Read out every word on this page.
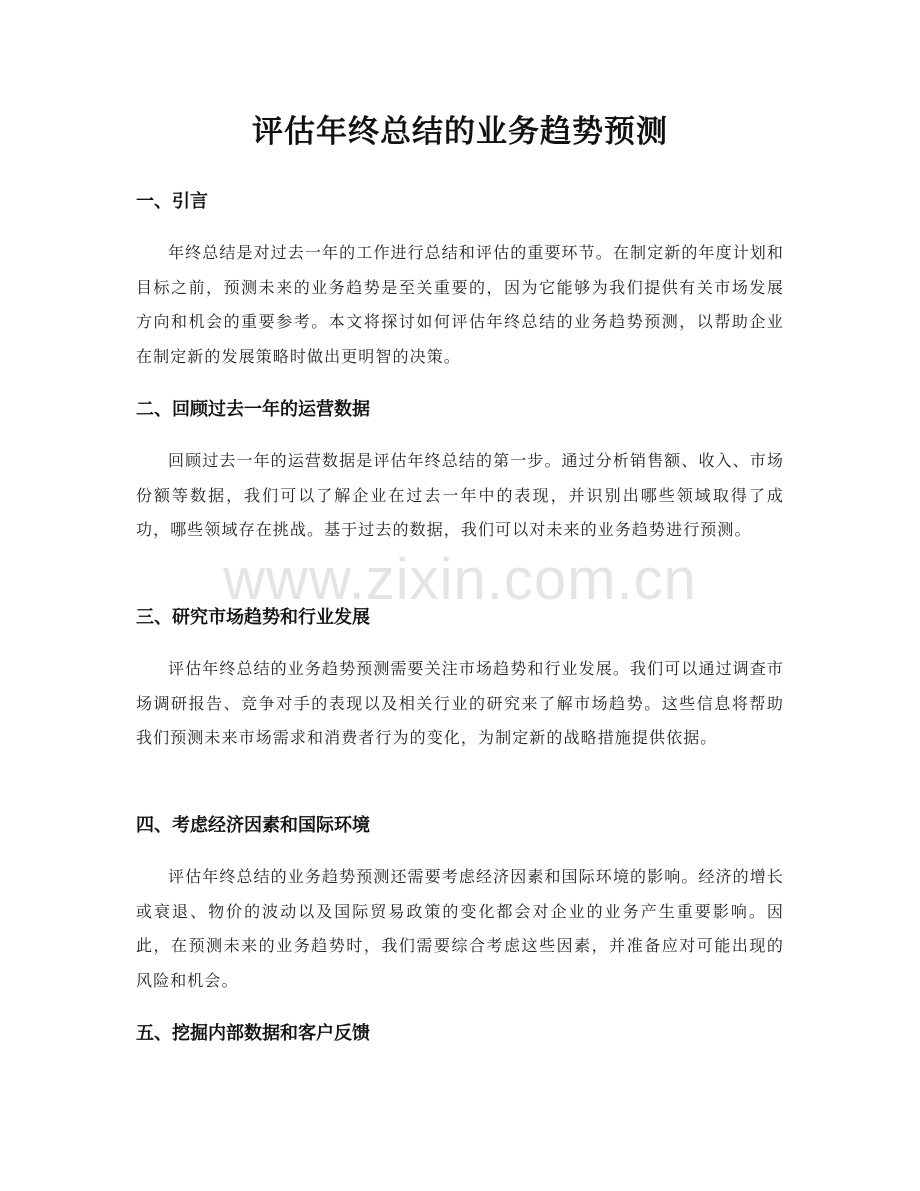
评估年终总结的业务趋势预测
一、引言

年终总结是对过去一年的工作进行总结和评估的重要环节。在制定新的年度计划和目标之前，预测未来的业务趋势是至关重要的，因为它能够为我们提供有关市场发展方向和机会的重要参考。本文将探讨如何评估年终总结的业务趋势预测，以帮助企业在制定新的发展策略时做出更明智的决策。

二、回顾过去一年的运营数据

回顾过去一年的运营数据是评估年终总结的第一步。通过分析销售额、收入、市场份额等数据，我们可以了解企业在过去一年中的表现，并识别出哪些领域取得了成功，哪些领域存在挑战。基于过去的数据，我们可以对未来的业务趋势进行预测。

三、研究市场趋势和行业发展

评估年终总结的业务趋势预测需要关注市场趋势和行业发展。我们可以通过调查市场调研报告、竞争对手的表现以及相关行业的研究来了解市场趋势。这些信息将帮助我们预测未来市场需求和消费者行为的变化，为制定新的战略措施提供依据。

四、考虑经济因素和国际环境

评估年终总结的业务趋势预测还需要考虑经济因素和国际环境的影响。经济的增长或衰退、物价的波动以及国际贸易政策的变化都会对企业的业务产生重要影响。因此，在预测未来的业务趋势时，我们需要综合考虑这些因素，并准备应对可能出现的风险和机会。

五、挖掘内部数据和客户反馈
www.zixin.com.cn
